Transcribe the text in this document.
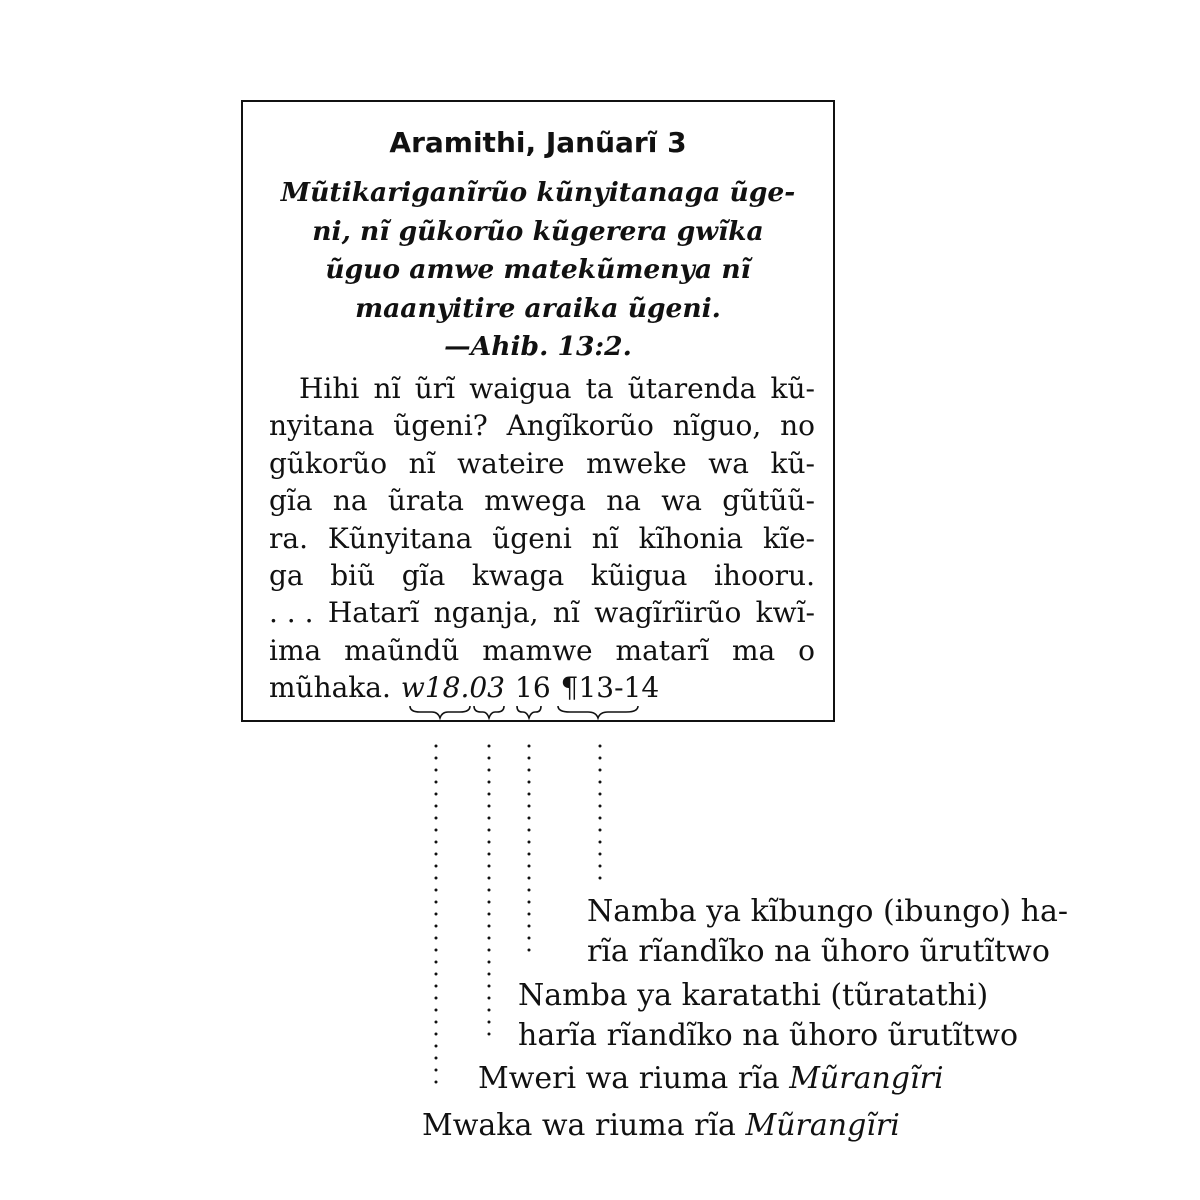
Aramithi, Janũarĩ 3
Mũtikariganĩrũo kũnyitanaga ũge-
ni, nĩ gũkorũo kũgerera gwĩka
ũguo amwe matekũmenya nĩ
maanyitire araika ũgeni.
—Ahib. 13:2.
Hihi nĩ ũrĩ waigua ta ũtarenda kũ-
nyitana ũgeni? Angĩkorũo nĩguo, no
gũkorũo nĩ wateire mweke wa kũ-
gĩa na ũrata mwega na wa gũtũũ-
ra. Kũnyitana ũgeni nĩ kĩhonia kĩe-
ga biũ gĩa kwaga kũigua ihooru.
. . . Hatarĩ nganja, nĩ wagĩrĩirũo kwĩ-
ima maũndũ mamwe matarĩ ma o
mũhaka. w18.03 16 ¶13-14
Namba ya kĩbungo (ibungo) ha-
rĩa rĩandĩko na ũhoro ũrutĩtwo
Namba ya karatathi (tũratathi)
harĩa rĩandĩko na ũhoro ũrutĩtwo
Mweri wa riuma rĩa Mũrangĩri
Mwaka wa riuma rĩa Mũrangĩri
